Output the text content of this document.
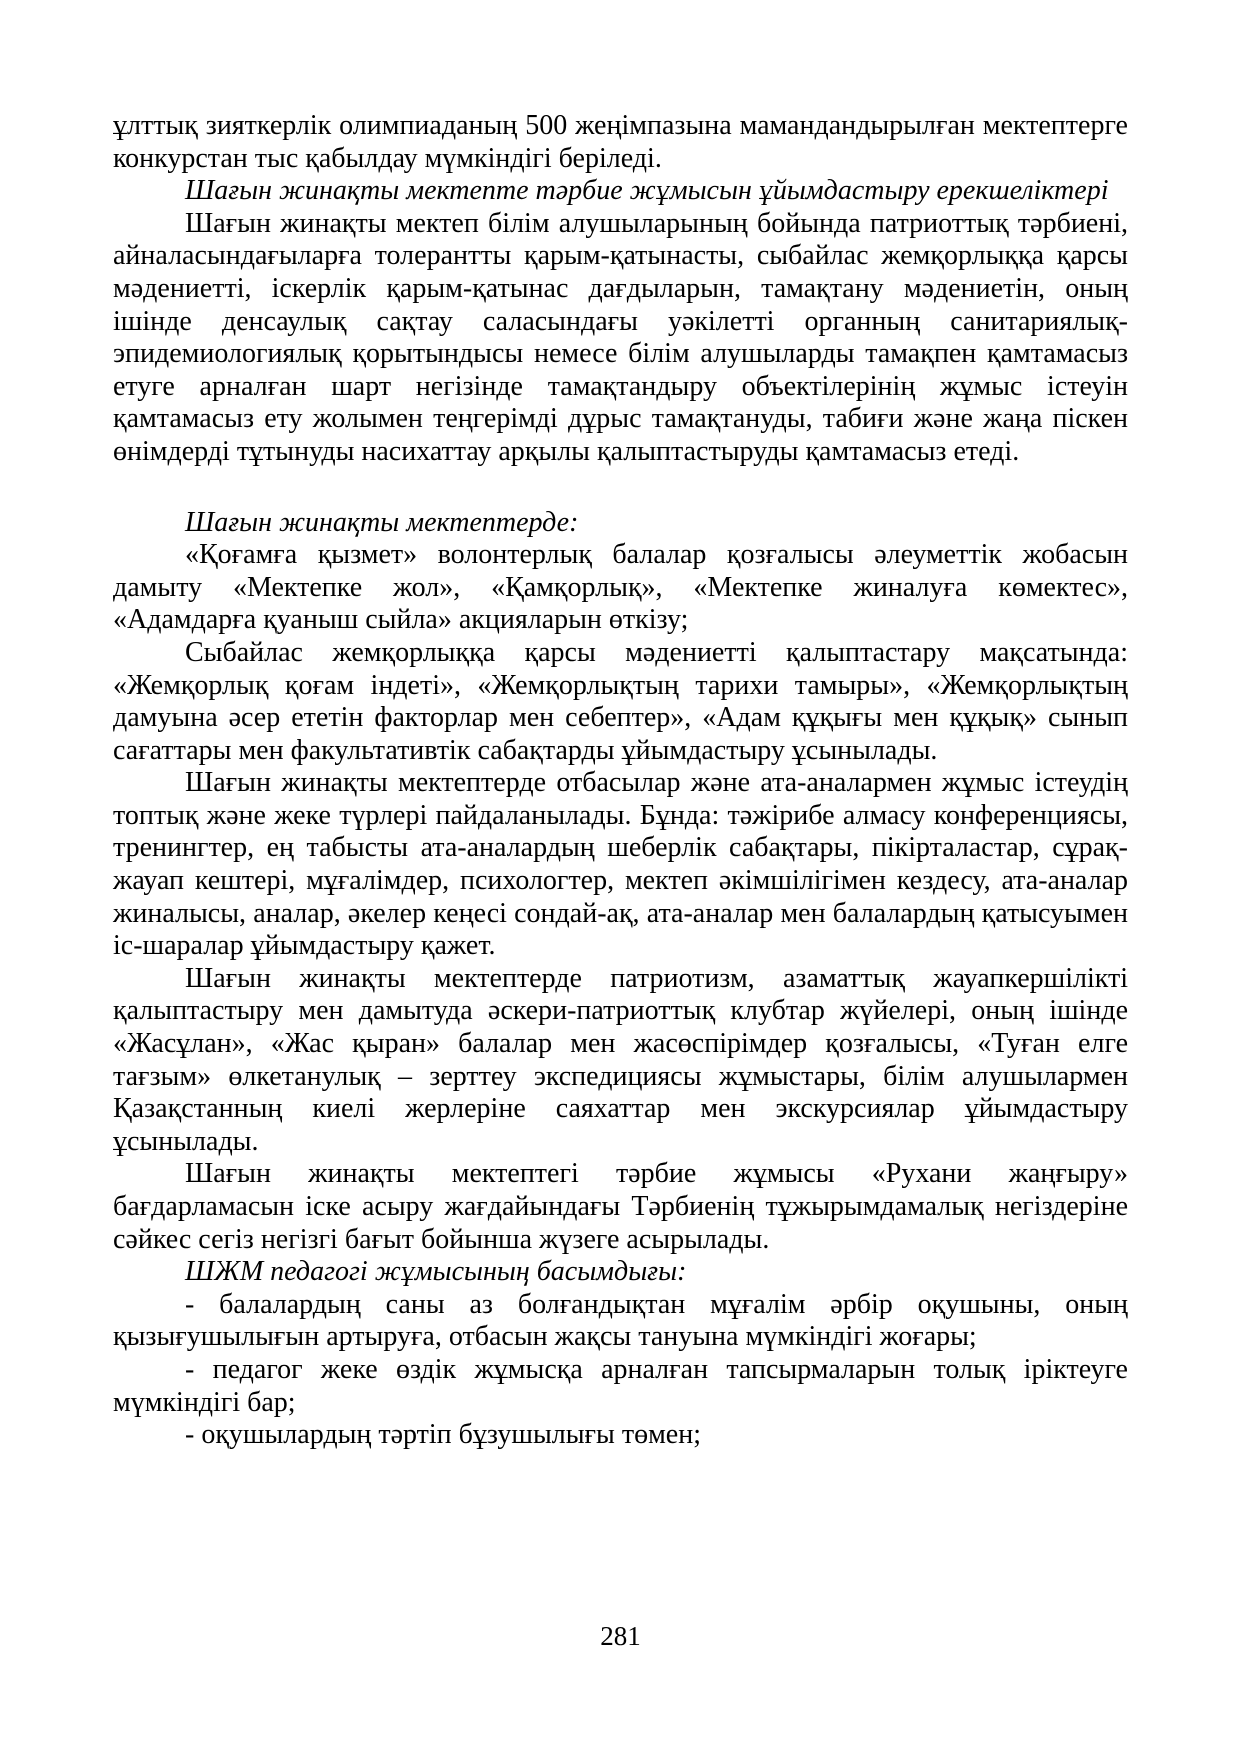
ұлттық зияткерлік олимпиаданың 500 жеңімпазына мамандандырылған мектептерге конкурстан тыс қабылдау мүмкіндігі беріледі.

Шағын жинақты мектепте тәрбие жұмысын ұйымдастыру ерекшеліктері

Шағын жинақты мектеп білім алушыларының бойында патриоттық тәрбиені, айналасындағыларға толерантты қарым-қатынасты, сыбайлас жемқорлыққа қарсы мәдениетті, іскерлік қарым-қатынас дағдыларын, тамақтану мәдениетін, оның ішінде денсаулық сақтау саласындағы уәкілетті органның санитариялық-эпидемиологиялық қорытындысы немесе білім алушыларды тамақпен қамтамасыз етуге арналған шарт негізінде тамақтандыру объектілерінің жұмыс істеуін қамтамасыз ету жолымен теңгерімді дұрыс тамақтануды, табиғи және жаңа піскен өнімдерді тұтынуды насихаттау арқылы қалыптастыруды қамтамасыз етеді.

Шағын жинақты мектептерде:

«Қоғамға қызмет» волонтерлық балалар қозғалысы әлеуметтік жобасын дамыту «Мектепке жол», «Қамқорлық», «Мектепке жиналуға көмектес», «Адамдарға қуаныш сыйла» акцияларын өткізу;

Сыбайлас жемқорлыққа қарсы мәдениетті қалыптастару мақсатында: «Жемқорлық қоғам індеті», «Жемқорлықтың тарихи тамыры», «Жемқорлықтың дамуына әсер ететін факторлар мен себептер», «Адам құқығы мен құқық» сынып сағаттары мен факультативтік сабақтарды ұйымдастыру ұсынылады.

Шағын жинақты мектептерде отбасылар және ата-аналармен жұмыс істеудің топтық және жеке түрлері пайдаланылады. Бұнда: тәжірибе алмасу конференциясы, тренингтер, ең табысты ата-аналардың шеберлік сабақтары, пікірталастар, сұрақ-жауап кештері, мұғалімдер, психологтер, мектеп әкімшілігімен кездесу, ата-аналар жиналысы, аналар, әкелер кеңесі сондай-ақ, ата-аналар мен балалардың қатысуымен іс-шаралар ұйымдастыру қажет.

Шағын жинақты мектептерде патриотизм, азаматтық жауапкершілікті қалыптастыру мен дамытуда әскери-патриоттық клубтар жүйелері, оның ішінде «Жасұлан», «Жас қыран» балалар мен жасөспірімдер қозғалысы, «Туған елге тағзым» өлкетанулық – зерттеу экспедициясы жұмыстары, білім алушылармен Қазақстанның киелі жерлеріне саяхаттар мен экскурсиялар ұйымдастыру ұсынылады.

Шағын жинақты мектептегі тәрбие жұмысы «Рухани жаңғыру» бағдарламасын іске асыру жағдайындағы Тәрбиенің тұжырымдамалық негіздеріне сәйкес сегіз негізгі бағыт бойынша жүзеге асырылады.

ШЖМ педагогі жұмысының басымдығы:

- балалардың саны аз болғандықтан мұғалім әрбір оқушыны, оның қызығушылығын артыруға, отбасын жақсы тануына мүмкіндігі жоғары;

- педагог жеке өздік жұмысқа арналған тапсырмаларын толық іріктеуге мүмкіндігі бар;

- оқушылардың тәртіп бұзушылығы төмен;

281
